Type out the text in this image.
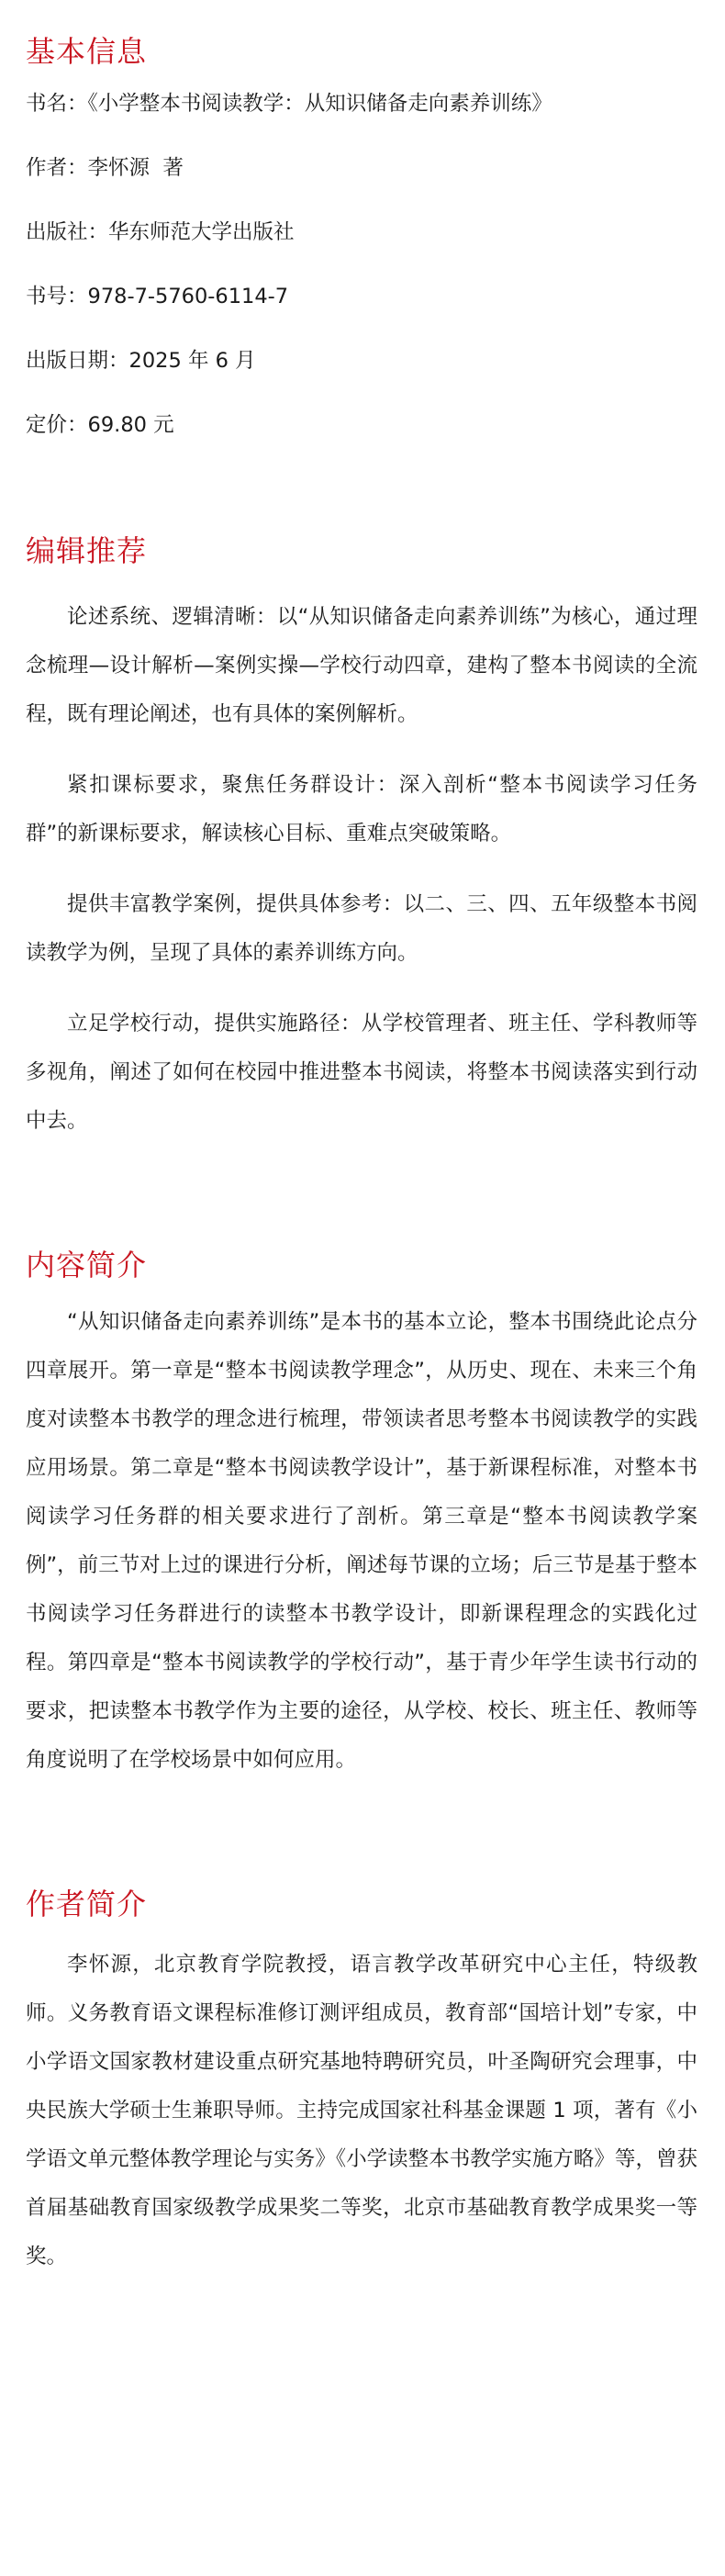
基本信息

书名 ： 《小学整本书阅读教学：从知识储备走向素养训练》

作者 ： 李怀源  著

出版社 ： 华东师范大学出版社

书号 ： 978-7-5760-6114-7

出版日期 ： 2025 年 6 月

定价 ： 69.80 元

编辑推荐

论述系统、逻辑清晰：以“从知识储备走向素养训练”为核心，通过理念梳理—设计解析—案例实操—学校行动四章，建构了整本书阅读的全流程，既有理论阐述，也有具体的案例解析。

紧扣课标要求，聚焦任务群设计：深入剖析“整本书阅读学习任务群”的新课标要求，解读核心目标、重难点突破策略。

提供丰富教学案例，提供具体参考：以二、三、四、五年级整本书阅读教学为例，呈现了具体的素养训练方向。

立足学校行动，提供实施路径：从学校管理者、班主任、学科教师等多视角，阐述了如何在校园中推进整本书阅读，将整本书阅读落实到行动中去。

内容简介

“从知识储备走向素养训练”是本书的基本立论，整本书围绕此论点分四章展开。第一章是“整本书阅读教学理念”，从历史、现在、未来三个角度对读整本书教学的理念进行梳理，带领读者思考整本书阅读教学的实践应用场景。第二章是“整本书阅读教学设计”，基于新课程标准，对整本书阅读学习任务群的相关要求进行了剖析。第三章是“整本书阅读教学案例”，前三节对上过的课进行分析，阐述每节课的立场；后三节是基于整本书阅读学习任务群进行的读整本书教学设计，即新课程理念的实践化过程。第四章是“整本书阅读教学的学校行动”，基于青少年学生读书行动的要求，把读整本书教学作为主要的途径，从学校、校长、班主任、教师等角度说明了在学校场景中如何应用。

作者简介

李怀源，北京教育学院教授，语言教学改革研究中心主任，特级教师。义务教育语文课程标准修订测评组成员，教育部“国培计划”专家，中小学语文国家教材建设重点研究基地特聘研究员，叶圣陶研究会理事，中央民族大学硕士生兼职导师。主持完成国家社科基金课题 1 项，著有《小学语文单元整体教学理论与实务》《小学读整本书教学实施方略》等，曾获首届基础教育国家级教学成果奖二等奖，北京市基础教育教学成果奖一等奖。
